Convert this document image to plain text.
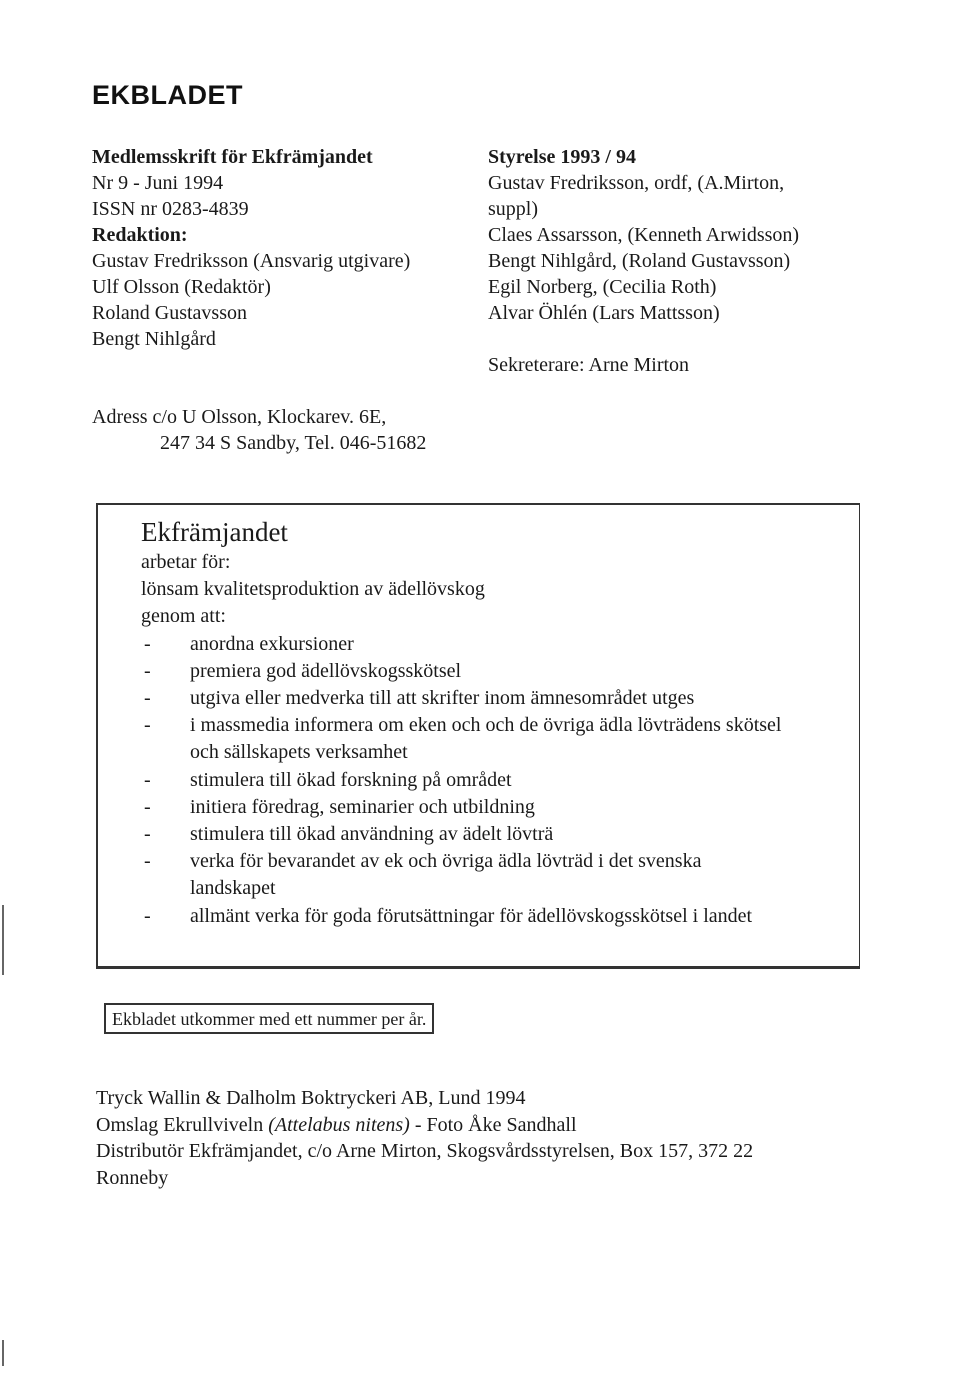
EKBLADET
Medlemsskrift för Ekfrämjandet
Nr 9 - Juni 1994
ISSN nr 0283-4839
Redaktion:
Gustav Fredriksson (Ansvarig utgivare)
Ulf Olsson (Redaktör)
Roland Gustavsson
Bengt Nihlgård
Styrelse 1993 / 94
Gustav Fredriksson, ordf, (A.Mirton,
suppl)
Claes Assarsson, (Kenneth Arwidsson)
Bengt Nihlgård, (Roland Gustavsson)
Egil Norberg, (Cecilia Roth)
Alvar Öhlén (Lars Mattsson)
Sekreterare: Arne Mirton
Adress c/o U Olsson, Klockarev. 6E,
247 34 S Sandby, Tel. 046-51682
Ekfrämjandet
arbetar för:
lönsam kvalitetsproduktion av ädellövskog
genom att:
- anordna exkursioner
- premiera god ädellövskogsskötsel
- utgiva eller medverka till att skrifter inom ämnesområdet utges
- i massmedia informera om eken och och de övriga ädla lövträdens skötsel och sällskapets verksamhet
- stimulera till ökad forskning på området
- initiera föredrag, seminarier och utbildning
- stimulera till ökad användning av ädelt lövträ
- verka för bevarandet av ek och övriga ädla lövträd i det svenska landskapet
- allmänt verka för goda förutsättningar för ädellövskogsskötsel i landet
Ekbladet utkommer med ett nummer per år.
Tryck Wallin & Dalholm Boktryckeri AB, Lund 1994
Omslag Ekrullviveln (Attelabus nitens) - Foto Åke Sandhall
Distributör Ekfrämjandet, c/o Arne Mirton, Skogsvårdsstyrelsen, Box 157, 372 22
Ronneby
